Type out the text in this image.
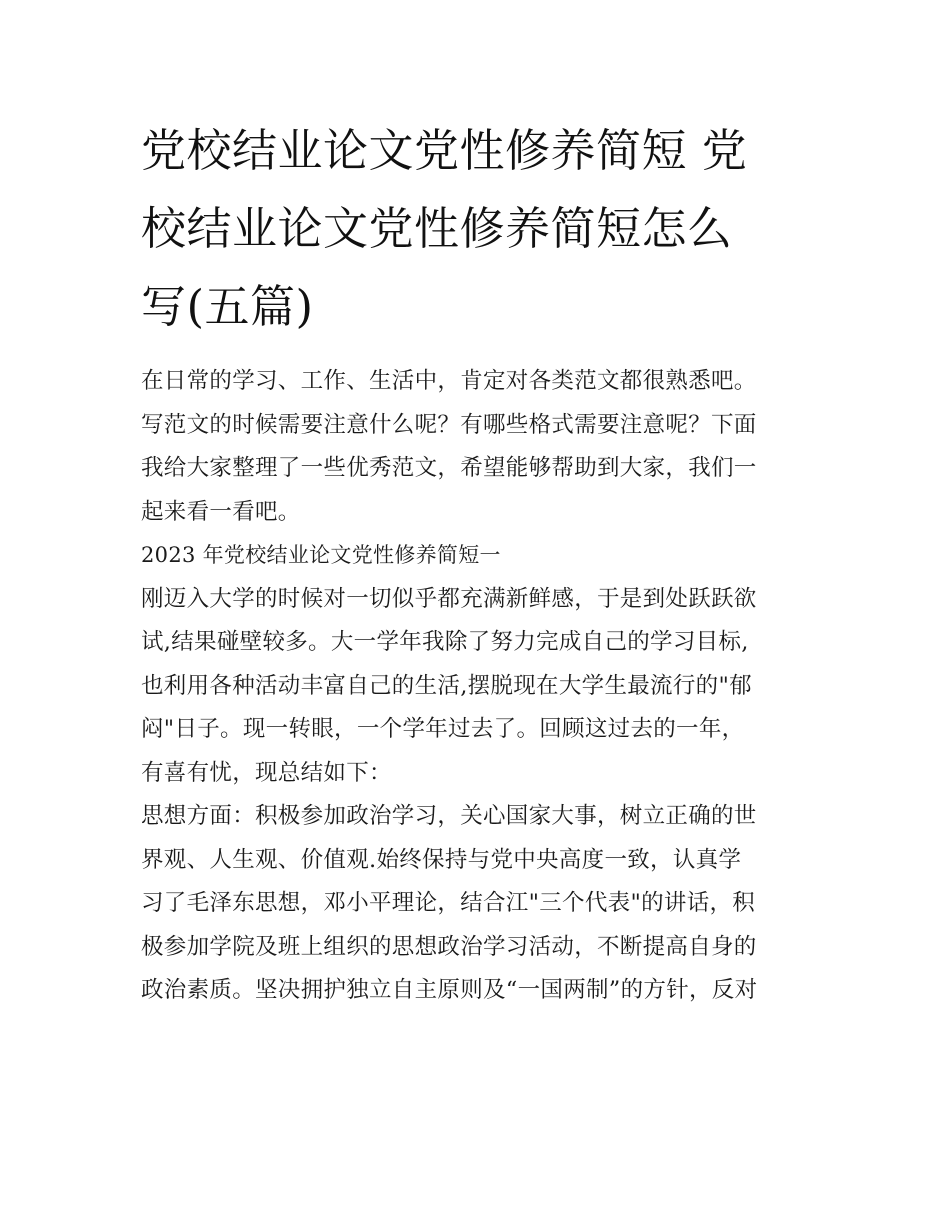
党校结业论文党性修养简短 党
校结业论文党性修养简短怎么
写(五篇)
在日常的学习、工作、生活中，肯定对各类范文都很熟悉吧。
写范文的时候需要注意什么呢？有哪些格式需要注意呢？下面
我给大家整理了一些优秀范文，希望能够帮助到大家，我们一
起来看一看吧。
2023 年党校结业论文党性修养简短一
刚迈入大学的时候对一切似乎都充满新鲜感，于是到处跃跃欲
试,结果碰壁较多。大一学年我除了努力完成自己的学习目标,
也利用各种活动丰富自己的生活,摆脱现在大学生最流行的"郁
闷"日子。现一转眼，一个学年过去了。回顾这过去的一年，
有喜有忧，现总结如下：
思想方面：积极参加政治学习，关心国家大事，树立正确的世
界观、人生观、价值观.始终保持与党中央高度一致，认真学
习了毛泽东思想，邓小平理论，结合江"三个代表"的讲话，积
极参加学院及班上组织的思想政治学习活动，不断提高自身的
政治素质。坚决拥护独立自主原则及“一国两制”的方针，反对
